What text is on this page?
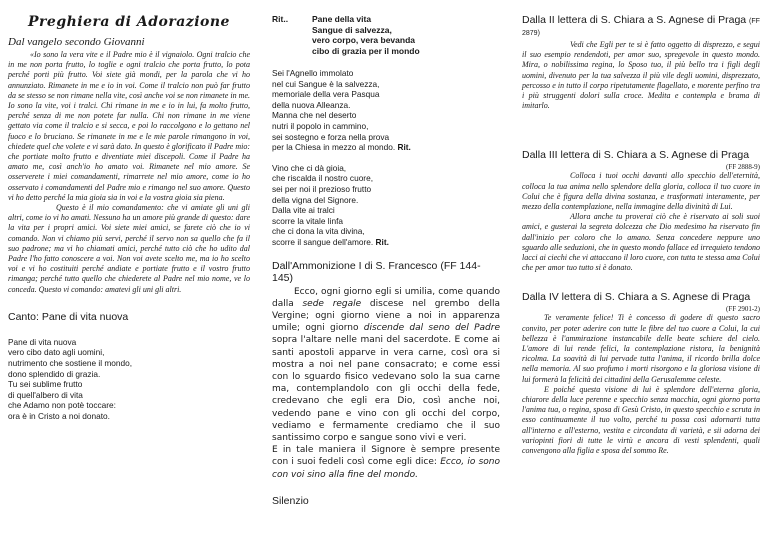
Preghiera di Adorazione
Dal vangelo secondo Giovanni

«Io sono la vera vite e il Padre mio è il vignaiolo. Ogni tralcio che in me non porta frutto, lo toglie e ogni tralcio che porta frutto, lo pota perché porti più frutto. Voi siete già mondi, per la parola che vi ho annunziato. Rimanete in me e io in voi. Come il tralcio non può far frutto da se stesso se non rimane nella vite, così anche voi se non rimanete in me. Io sono la vite, voi i tralci. Chi rimane in me e io in lui, fa molto frutto, perché senza di me non potete far nulla. Chi non rimane in me viene gettato via come il tralcio e si secca, e poi lo raccolgono e lo gettano nel fuoco e lo bruciano. Se rimanete in me e le mie parole rimangono in voi, chiedete quel che volete e vi sarà dato. In questo è glorificato il Padre mio: che portiate molto frutto e diventiate miei discepoli. Come il Padre ha amato me, così anch'io ho amato voi. Rimanete nel mio amore. Se osserverete i miei comandamenti, rimarrete nel mio amore, come io ho osservato i comandamenti del Padre mio e rimango nel suo amore. Questo vi ho detto perché la mia gioia sia in voi e la vostra gioia sia piena.

Questo è il mio comandamento: che vi amiate gli uni gli altri, come io vi ho amati. Nessuno ha un amore più grande di questo: dare la vita per i propri amici. Voi siete miei amici, se farete ciò che io vi comando. Non vi chiamo più servi, perché il servo non sa quello che fa il suo padrone; ma vi ho chiamati amici, perché tutto ciò che ho udito dal Padre l'ho fatto conoscere a voi. Non voi avete scelto me, ma io ho scelto voi e vi ho costituiti perché andiate e portiate frutto e il vostro frutto rimanga; perché tutto quello che chiederete al Padre nel mio nome, ve lo conceda. Questo vi comando: amatevi gli uni gli altri.

Canto: Pane di vita nuova
Pane di vita nuova
vero cibo dato agli uomini,
nutrimento che sostiene il mondo,
dono splendido di grazia.
Tu sei sublime frutto
di quell'albero di vita
che Adamo non potè toccare:
ora è in Cristo a noi donato.
Rit..	Pane della vita
Sangue di salvezza,
vero corpo, vera bevanda
cibo di grazia per il mondo
Sei l'Agnello immolato
nel cui Sangue è la salvezza,
memoriale della vera Pasqua
della nuova Alleanza.
Manna che nel deserto
nutri il popolo in cammino,
sei sostegno e forza nella prova
per la Chiesa in mezzo al mondo. Rit.
Vino che ci dà gioia,
che riscalda il nostro cuore,
sei per noi il prezioso frutto
della vigna del Signore.
Dalla vite ai tralci
scorre la vitale linfa
che ci dona la vita divina,
scorre il sangue dell'amore. Rit.
Dall'Ammonizione I di S. Francesco (FF 144-145)
Ecco, ogni giorno egli si umilia, come quando dalla sede regale discese nel grembo della Vergine; ogni giorno viene a noi in apparenza umile; ogni giorno discende dal seno del Padre sopra l'altare nelle mani del sacerdote. E come ai santi apostoli apparve in vera carne, così ora si mostra a noi nel pane consacrato; e come essi con lo sguardo fisico vedevano solo la sua carne ma, contemplandolo con gli occhi della fede, credevano che egli era Dio, così anche noi, vedendo pane e vino con gli occhi del corpo, vediamo e fermamente crediamo che il suo santissimo corpo e sangue sono vivi e veri.
E in tale maniera il Signore è sempre presente con i suoi fedeli così come egli dice: Ecco, io sono con voi sino alla fine del mondo.
Silenzio
Dalla II lettera di S. Chiara a S. Agnese di Praga (FF 2879)

Vedi che Egli per te si è fatto oggetto di disprezzo, e segui il suo esempio rendendoti, per amor suo, spregevole in questo mondo. Mira, o nobilissima regina, lo Sposo tuo, il più bello tra i figli degli uomini, divenuto per la tua salvezza il più vile degli uomini, disprezzato, percosso e in tutto il corpo ripetutamente flagellato, e morente perfino tra i più struggenti dolori sulla croce. Medita e contempla e brama di imitarlo.

Dalla III lettera di S. Chiara a S. Agnese di Praga
(FF 2888-9)

Colloca i tuoi occhi davanti allo specchio dell'eternità, colloca la tua anima nello splendore della gloria, colloca il tuo cuore in Colui che è figura della divina sostanza, e trasformati interamente, per mezzo della contemplazione, nella immagine della divinità di Lui.

Allora anche tu proverai ciò che è riservato ai soli suoi amici, e gusterai la segreta dolcezza che Dio medesimo ha riservato fin dall'inizio per coloro che lo amano. Senza concedere neppure uno sguardo alle seduzioni, che in questo mondo fallace ed irrequieto tendono lacci ai ciechi che vi attaccano il loro cuore, con tutta te stessa ama Colui che per amor tuo tutto si è donato.

Dalla IV lettera di S. Chiara a S. Agnese di Praga
(FF 2901-2)

Te veramente felice! Ti è concesso di godere di questo sacro convito, per poter aderire con tutte le fibre del tuo cuore a Colui, la cui bellezza è l'ammirazione instancabile delle beate schiere del cielo. L'amore di lui rende felici, la contemplazione ristora, la benignità ricolma. La soavità di lui pervade tutta l'anima, il ricordo brilla dolce nella memoria. Al suo profumo i morti risorgono e la gloriosa visione di lui formerà la felicità dei cittadini della Gerusalemme celeste.

E poiché questa visione di lui è splendore dell'eterna gloria, chiarore della luce perenne e specchio senza macchia, ogni giorno porta l'anima tua, o regina, sposa di Gesù Cristo, in questo specchio e scruta in esso continuamente il tuo volto, perché tu possa così adornarti tutta all'interno e all'esterno, vestita e circondata di varietà, e sii adorna dei variopinti fiori di tutte le virtù e ancora di vesti splendenti, quali convengono alla figlia e sposa del sommo Re.
